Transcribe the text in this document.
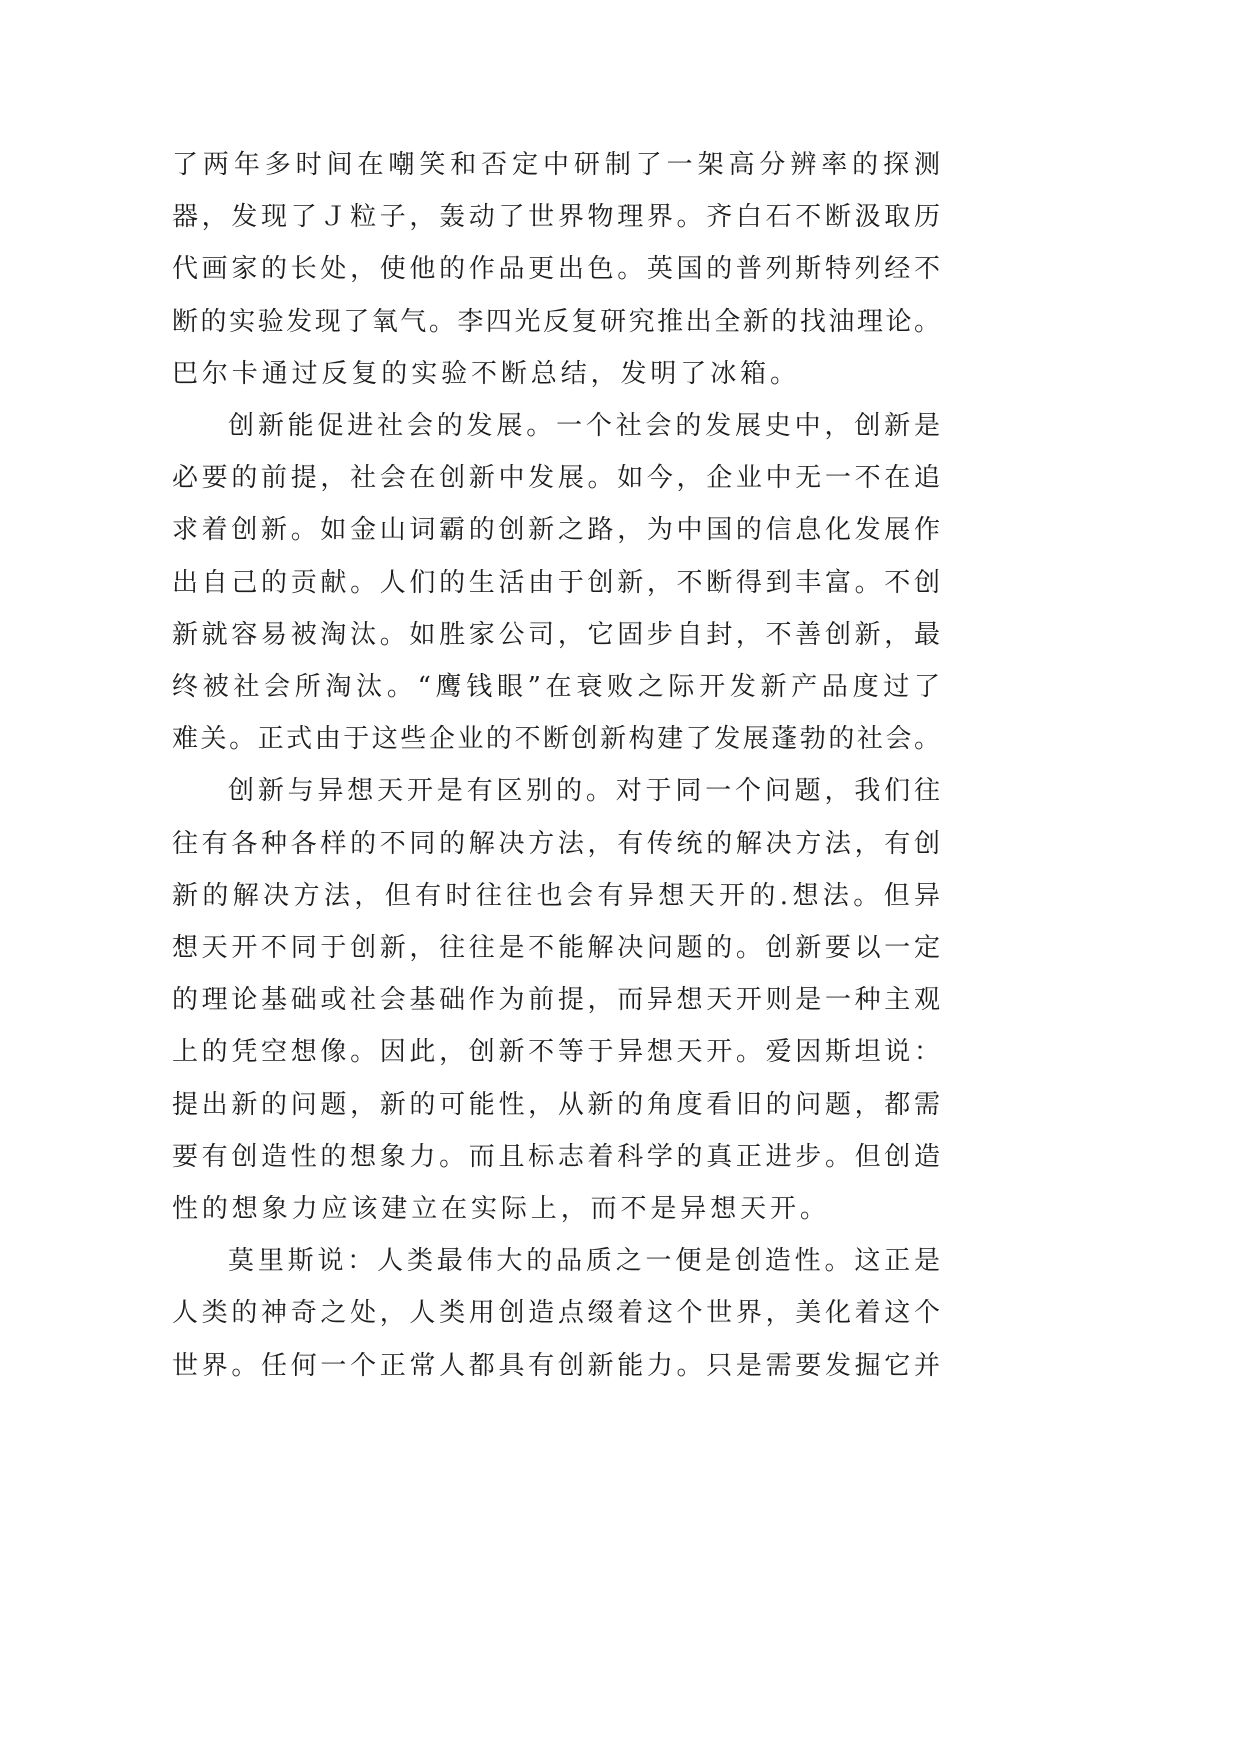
了两年多时间在嘲笑和否定中研制了一架高分辨率的探测
器，发现了Ｊ粒子，轰动了世界物理界。齐白石不断汲取历
代画家的长处，使他的作品更出色。英国的普列斯特列经不
断的实验发现了氧气。李四光反复研究推出全新的找油理论。
巴尔卡通过反复的实验不断总结，发明了冰箱。
创新能促进社会的发展。一个社会的发展史中，创新是
必要的前提，社会在创新中发展。如今，企业中无一不在追
求着创新。如金山词霸的创新之路，为中国的信息化发展作
出自己的贡献。人们的生活由于创新，不断得到丰富。不创
新就容易被淘汰。如胜家公司，它固步自封，不善创新，最
终被社会所淘汰。“鹰钱眼”在衰败之际开发新产品度过了
难关。正式由于这些企业的不断创新构建了发展蓬勃的社会。
创新与异想天开是有区别的。对于同一个问题，我们往
往有各种各样的不同的解决方法，有传统的解决方法，有创
新的解决方法，但有时往往也会有异想天开的.想法。但异
想天开不同于创新，往往是不能解决问题的。创新要以一定
的理论基础或社会基础作为前提，而异想天开则是一种主观
上的凭空想像。因此，创新不等于异想天开。爱因斯坦说：
提出新的问题，新的可能性，从新的角度看旧的问题，都需
要有创造性的想象力。而且标志着科学的真正进步。但创造
性的想象力应该建立在实际上，而不是异想天开。
莫里斯说：人类最伟大的品质之一便是创造性。这正是
人类的神奇之处，人类用创造点缀着这个世界，美化着这个
世界。任何一个正常人都具有创新能力。只是需要发掘它并
